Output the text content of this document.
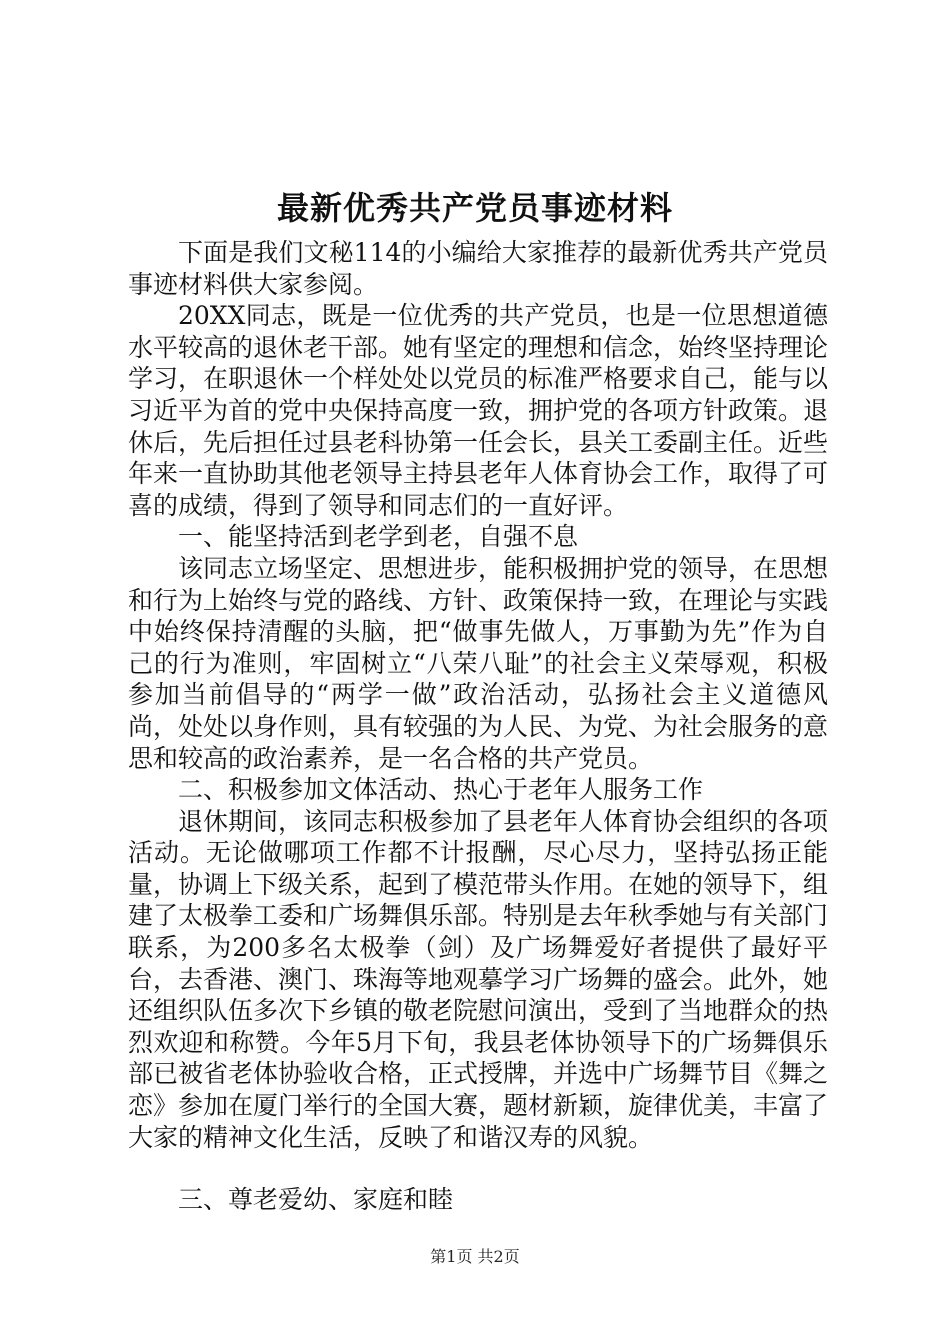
最新优秀共产党员事迹材料

下面是我们文秘114的小编给大家推荐的最新优秀共产党员事迹材料供大家参阅。

20XX同志，既是一位优秀的共产党员，也是一位思想道德水平较高的退休老干部。她有坚定的理想和信念，始终坚持理论学习，在职退休一个样处处以党员的标准严格要求自己，能与以习近平为首的党中央保持高度一致，拥护党的各项方针政策。退休后，先后担任过县老科协第一任会长，县关工委副主任。近些年来一直协助其他老领导主持县老年人体育协会工作，取得了可喜的成绩，得到了领导和同志们的一直好评。

一、能坚持活到老学到老，自强不息

该同志立场坚定、思想进步，能积极拥护党的领导，在思想和行为上始终与党的路线、方针、政策保持一致，在理论与实践中始终保持清醒的头脑，把“做事先做人，万事勤为先”作为自己的行为准则，牢固树立“八荣八耻”的社会主义荣辱观，积极参加当前倡导的“两学一做”政治活动，弘扬社会主义道德风尚，处处以身作则，具有较强的为人民、为党、为社会服务的意思和较高的政治素养，是一名合格的共产党员。

二、积极参加文体活动、热心于老年人服务工作

退休期间，该同志积极参加了县老年人体育协会组织的各项活动。无论做哪项工作都不计报酬，尽心尽力，坚持弘扬正能量，协调上下级关系，起到了模范带头作用。在她的领导下，组建了太极拳工委和广场舞俱乐部。特别是去年秋季她与有关部门联系，为200多名太极拳（剑）及广场舞爱好者提供了最好平台，去香港、澳门、珠海等地观摹学习广场舞的盛会。此外，她还组织队伍多次下乡镇的敬老院慰问演出，受到了当地群众的热烈欢迎和称赞。今年5月下旬，我县老体协领导下的广场舞俱乐部已被省老体协验收合格，正式授牌，并选中广场舞节目《舞之恋》参加在厦门举行的全国大赛，题材新颖，旋律优美，丰富了大家的精神文化生活，反映了和谐汉寿的风貌。

三、尊老爱幼、家庭和睦

第1页 共2页
